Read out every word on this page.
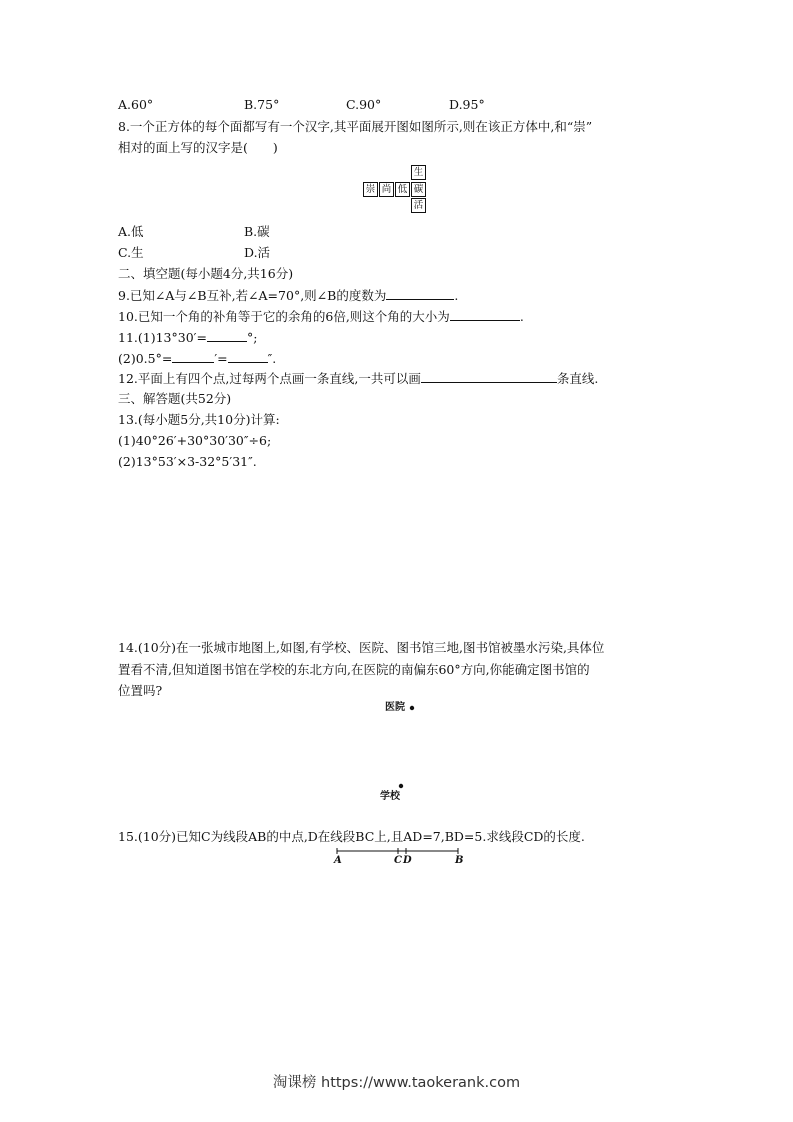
A.60°	B.75°	C.90°	D.95°
8.一个正方体的每个面都写有一个汉字,其平面展开图如图所示,则在该正方体中,和“崇”
相对的面上写的汉字是(　　)
生
崇 尚 低 碳
活
A.低	B.碳
C.生	D.活
二、填空题(每小题4分,共16分)
9.已知∠A与∠B互补,若∠A=70°,则∠B的度数为	.
10.已知一个角的补角等于它的余角的6倍,则这个角的大小为	.
11.(1)13°30′=	°;
(2)0.5°=	′=	″.
12.平面上有四个点,过每两个点画一条直线,一共可以画	条直线.
三、解答题(共52分)
13.(每小题5分,共10分)计算:
(1)40°26′+30°30′30″÷6;
(2)13°53′×3-32°5′31″.
14.(10分)在一张城市地图上,如图,有学校、医院、图书馆三地,图书馆被墨水污染,具体位
置看不清,但知道图书馆在学校的东北方向,在医院的南偏东60°方向,你能确定图书馆的
位置吗?
医院
学校
15.(10分)已知C为线段AB的中点,D在线段BC上,且AD=7,BD=5.求线段CD的长度.
A	C D	B
淘课榜 https://www.taokerank.com
